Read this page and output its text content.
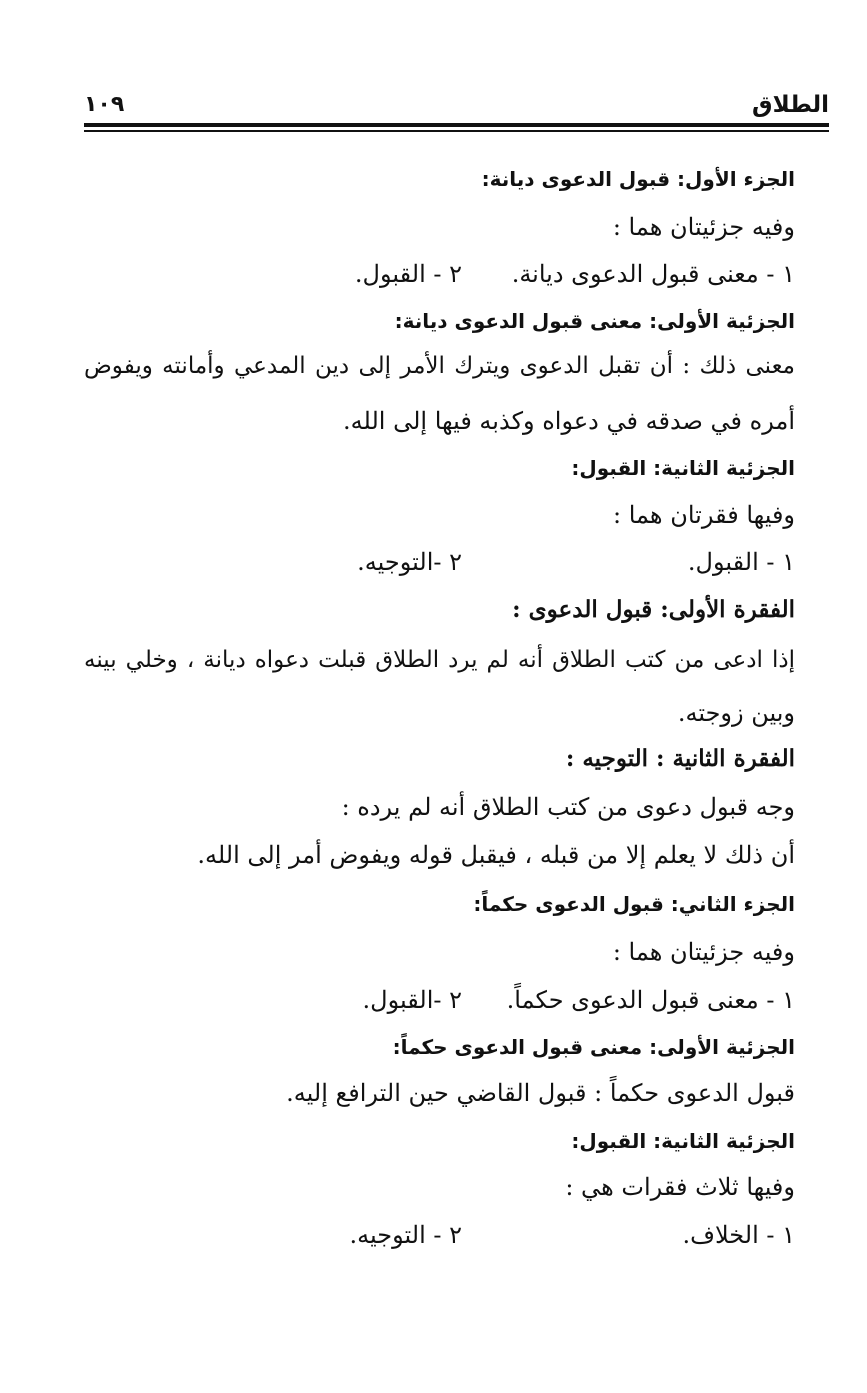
الطلاق
١٠٩
الجزء الأول: قبول الدعوى ديانة:
وفيه جزئيتان هما :
١ - معنى قبول الدعوى ديانة.
٢ - القبول.
الجزئية الأولى: معنى قبول الدعوى ديانة:
معنى ذلك : أن تقبل الدعوى ويترك الأمر إلى دين المدعي وأمانته ويفوض
أمره في صدقه في دعواه وكذبه فيها إلى الله.
الجزئية الثانية: القبول:
وفيها فقرتان هما :
١ - القبول.
٢ -التوجيه.
الفقرة الأولى: قبول الدعوى :
إذا ادعى من كتب الطلاق أنه لم يرد الطلاق قبلت دعواه ديانة ، وخلي بينه
وبين زوجته.
الفقرة الثانية : التوجيه :
وجه قبول دعوى من كتب الطلاق أنه لم يرده :
أن ذلك لا يعلم إلا من قبله ، فيقبل قوله ويفوض أمر إلى الله.
الجزء الثاني: قبول الدعوى حكماً:
وفيه جزئيتان هما :
١ - معنى قبول الدعوى حكماً.
٢ -القبول.
الجزئية الأولى: معنى قبول الدعوى حكماً:
قبول الدعوى حكماً : قبول القاضي حين الترافع إليه.
الجزئية الثانية: القبول:
وفيها ثلاث فقرات هي :
١ - الخلاف.
٢ - التوجيه.
